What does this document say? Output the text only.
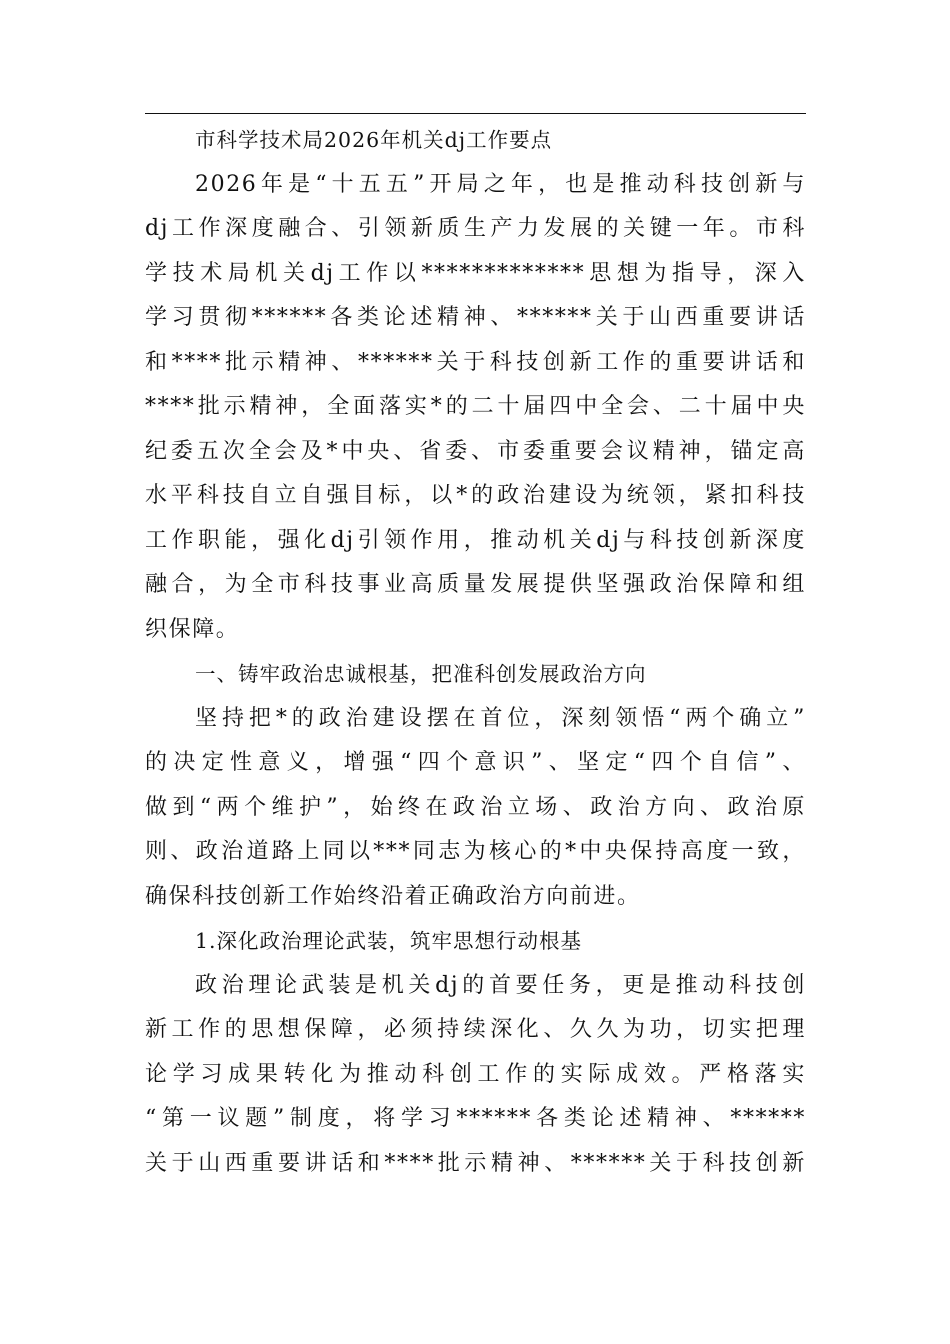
市科学技术局2026年机关dj工作要点
2026年是“十五五”开局之年，也是推动科技创新与
dj工作深度融合、引领新质生产力发展的关键一年。市科
学技术局机关dj工作以*************思想为指导，深入
学习贯彻******各类论述精神、******关于山西重要讲话
和****批示精神、******关于科技创新工作的重要讲话和
****批示精神，全面落实*的二十届四中全会、二十届中央
纪委五次全会及*中央、省委、市委重要会议精神，锚定高
水平科技自立自强目标，以*的政治建设为统领，紧扣科技
工作职能，强化dj引领作用，推动机关dj与科技创新深度
融合，为全市科技事业高质量发展提供坚强政治保障和组
织保障。
一、铸牢政治忠诚根基，把准科创发展政治方向
坚持把*的政治建设摆在首位，深刻领悟“两个确立”
的决定性意义，增强“四个意识”、坚定“四个自信”、
做到“两个维护”，始终在政治立场、政治方向、政治原
则、政治道路上同以***同志为核心的*中央保持高度一致，
确保科技创新工作始终沿着正确政治方向前进。
1.深化政治理论武装，筑牢思想行动根基
政治理论武装是机关dj的首要任务，更是推动科技创
新工作的思想保障，必须持续深化、久久为功，切实把理
论学习成果转化为推动科创工作的实际成效。严格落实
“第一议题”制度，将学习******各类论述精神、******
关于山西重要讲话和****批示精神、******关于科技创新
